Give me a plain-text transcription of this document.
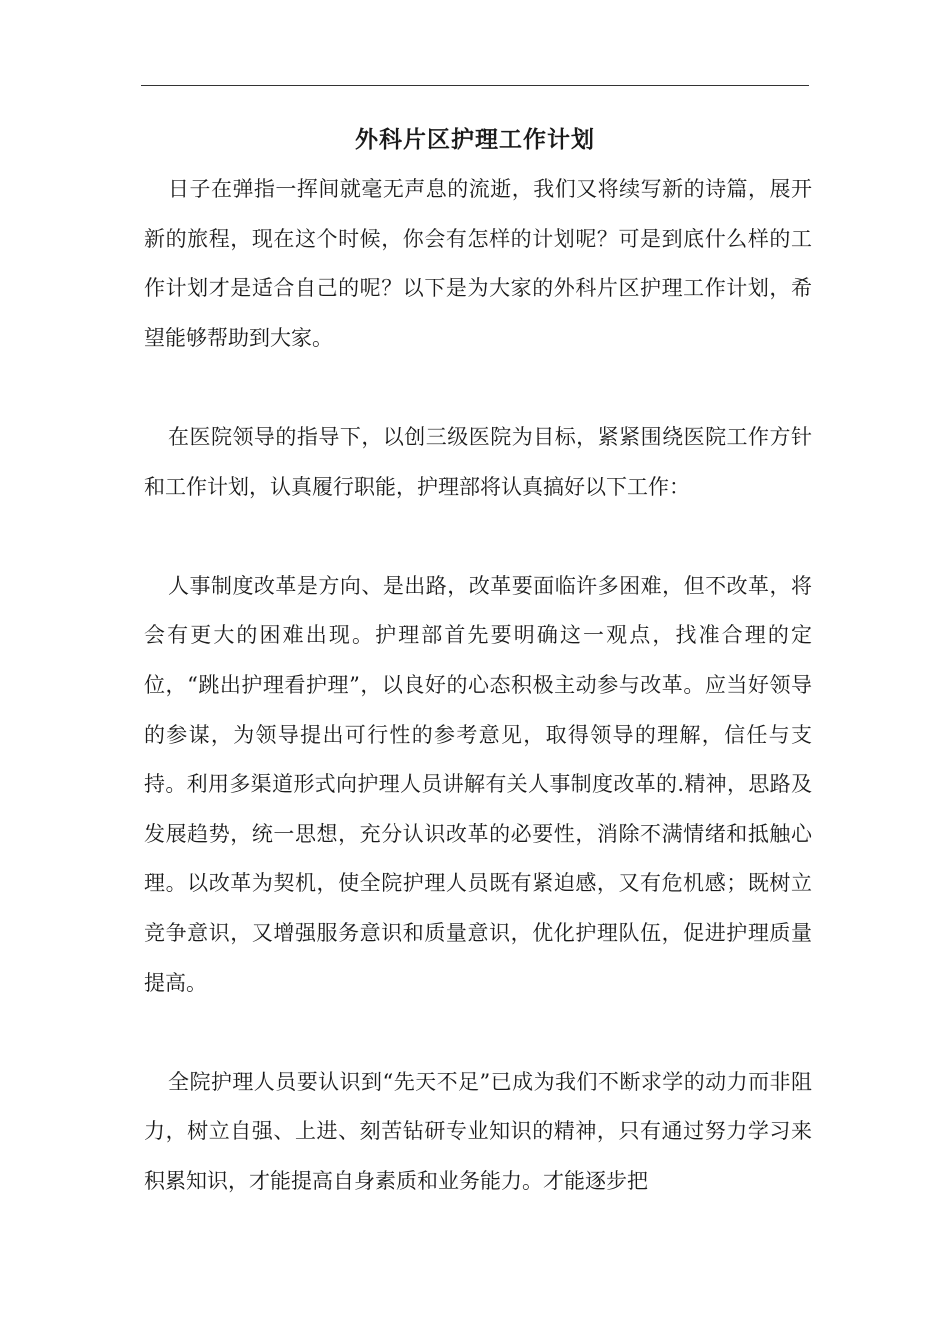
外科片区护理工作计划

日子在弹指一挥间就毫无声息的流逝，我们又将续写新的诗篇，展开新的旅程，现在这个时候，你会有怎样的计划呢？可是到底什么样的工作计划才是适合自己的呢？以下是为大家的外科片区护理工作计划，希望能够帮助到大家。

在医院领导的指导下，以创三级医院为目标，紧紧围绕医院工作方针和工作计划，认真履行职能，护理部将认真搞好以下工作：

人事制度改革是方向、是出路，改革要面临许多困难，但不改革，将会有更大的困难出现。护理部首先要明确这一观点，找准合理的定位，“跳出护理看护理”，以良好的心态积极主动参与改革。应当好领导的参谋，为领导提出可行性的参考意见，取得领导的理解，信任与支持。利用多渠道形式向护理人员讲解有关人事制度改革的.精神，思路及发展趋势，统一思想，充分认识改革的必要性，消除不满情绪和抵触心理。以改革为契机，使全院护理人员既有紧迫感，又有危机感；既树立竞争意识，又增强服务意识和质量意识，优化护理队伍，促进护理质量提高。

全院护理人员要认识到“先天不足”已成为我们不断求学的动力而非阻力，树立自强、上进、刻苦钻研专业知识的精神，只有通过努力学习来积累知识，才能提高自身素质和业务能力。才能逐步把
